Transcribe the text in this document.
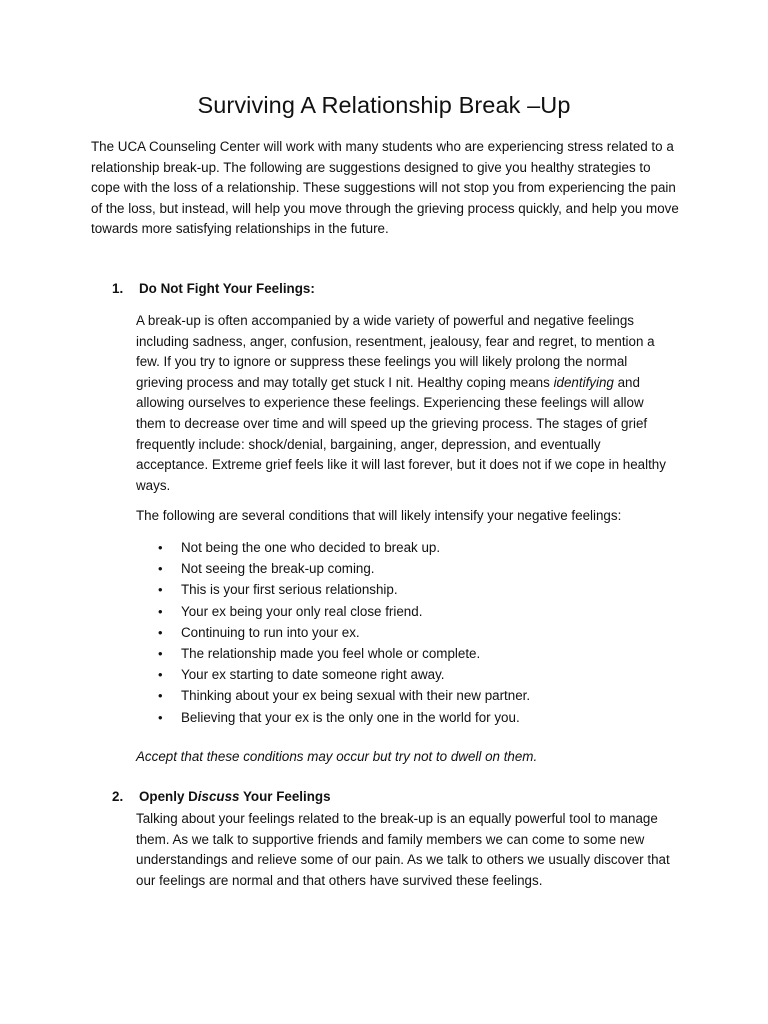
Surviving A Relationship Break –Up

The UCA Counseling Center will work with many students who are experiencing stress related to a relationship break-up. The following are suggestions designed to give you healthy strategies to cope with the loss of a relationship. These suggestions will not stop you from experiencing the pain of the loss, but instead, will help you move through the grieving process quickly, and help you move towards more satisfying relationships in the future.

1. Do Not Fight Your Feelings:

A break-up is often accompanied by a wide variety of powerful and negative feelings including sadness, anger, confusion, resentment, jealousy, fear and regret, to mention a few. If you try to ignore or suppress these feelings you will likely prolong the normal grieving process and may totally get stuck I nit. Healthy coping means identifying and allowing ourselves to experience these feelings. Experiencing these feelings will allow them to decrease over time and will speed up the grieving process. The stages of grief frequently include: shock/denial, bargaining, anger, depression, and eventually acceptance. Extreme grief feels like it will last forever, but it does not if we cope in healthy ways.

The following are several conditions that will likely intensify your negative feelings:

• Not being the one who decided to break up.
• Not seeing the break-up coming.
• This is your first serious relationship.
• Your ex being your only real close friend.
• Continuing to run into your ex.
• The relationship made you feel whole or complete.
• Your ex starting to date someone right away.
• Thinking about your ex being sexual with their new partner.
• Believing that your ex is the only one in the world for you.

Accept that these conditions may occur but try not to dwell on them.

2. Openly Discuss Your Feelings

Talking about your feelings related to the break-up is an equally powerful tool to manage them. As we talk to supportive friends and family members we can come to some new understandings and relieve some of our pain. As we talk to others we usually discover that our feelings are normal and that others have survived these feelings.
